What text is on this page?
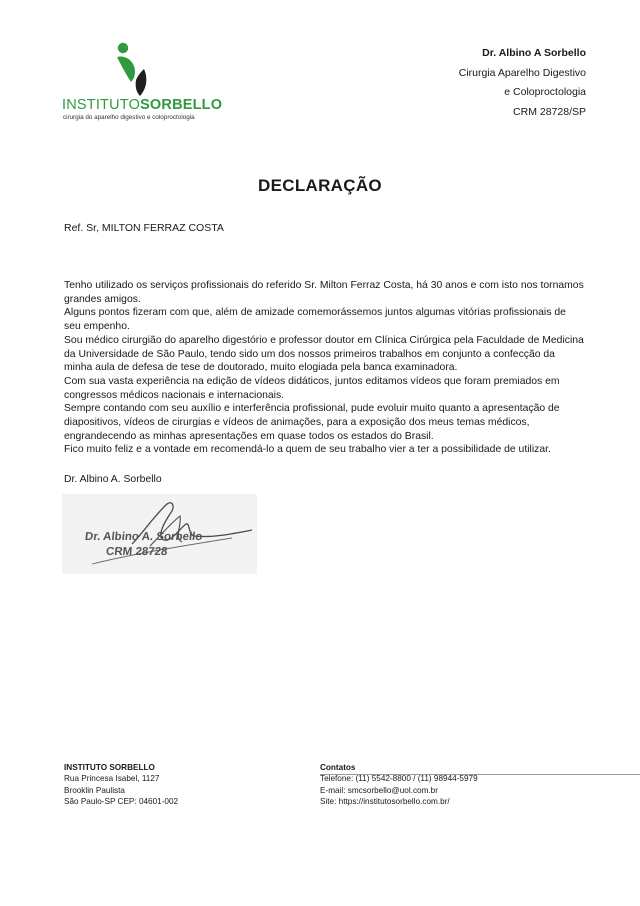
INSTITUTOSORBELLO
cirurgia do aparelho digestivo e coloproctologia
Dr. Albino A Sorbello
Cirurgia Aparelho Digestivo
e Coloproctologia
CRM 28728/SP
DECLARAÇÃO
Ref. Sr, MILTON FERRAZ COSTA

Tenho utilizado os serviços profissionais do referido Sr. Milton Ferraz Costa, há 30 anos e com isto nos tornamos grandes amigos.

Alguns pontos fizeram com que, além de amizade comemorássemos juntos algumas vitórias profissionais de seu empenho.

Sou médico cirurgião do aparelho digestório e professor doutor em Clínica Cirúrgica pela Faculdade de Medicina da Universidade de São Paulo, tendo sido um dos nossos primeiros trabalhos em conjunto a confecção da minha aula de defesa de tese de doutorado, muito elogiada pela banca examinadora.

Com sua vasta experiência na edição de vídeos didáticos, juntos editamos vídeos que foram premiados em congressos médicos nacionais e internacionais.

Sempre contando com seu auxílio e interferência profissional, pude evoluir muito quanto a apresentação de diapositivos, vídeos de cirurgias e vídeos de animações, para a exposição dos meus temas médicos, engrandecendo as minhas apresentações em quase todos os estados do Brasil.

Fico muito feliz e a vontade em recomendá-lo a quem de seu trabalho vier a ter a possibilidade de utilizar.

Dr. Albino A. Sorbello
Dr. Albino A. Sorbello
CRM 28728
INSTITUTO SORBELLO
Rua Princesa Isabel, 1127
Brooklin Paulista
São Paulo-SP CEP: 04601-002
Contatos
Telefone: (11) 5542-8800 / (11) 98944-5979
E-mail: smcsorbello@uol.com.br
Site: https://institutosorbello.com.br/
